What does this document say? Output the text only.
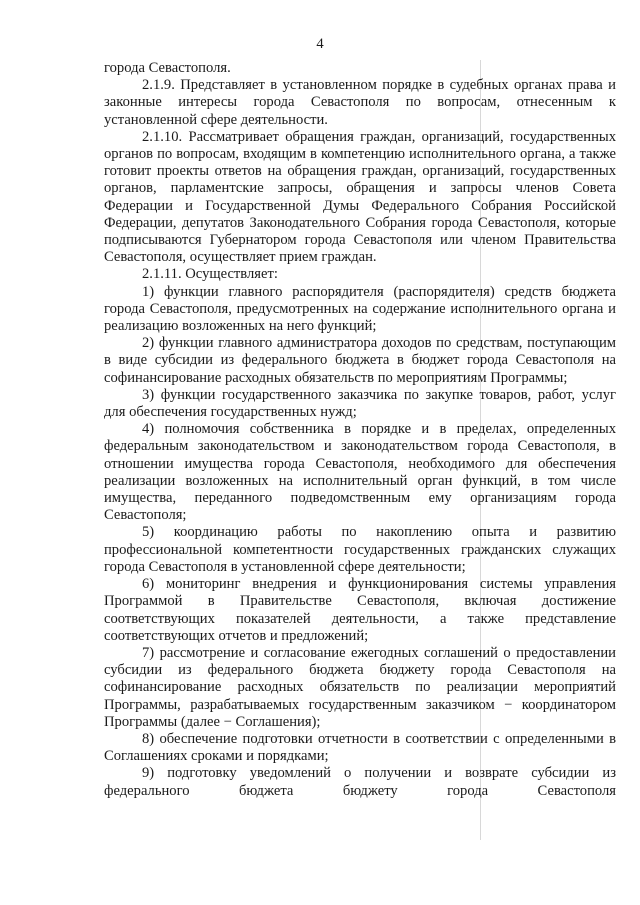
4

города Севастополя.

2.1.9. Представляет в установленном порядке в судебных органах права и законные интересы города Севастополя по вопросам, отнесенным к установленной сфере деятельности.

2.1.10. Рассматривает обращения граждан, организаций, государственных органов по вопросам, входящим в компетенцию исполнительного органа, а также готовит проекты ответов на обращения граждан, организаций, государственных органов, парламентские запросы, обращения и запросы членов Совета Федерации и Государственной Думы Федерального Собрания Российской Федерации, депутатов Законодательного Собрания города Севастополя, которые подписываются Губернатором города Севастополя или членом Правительства Севастополя, осуществляет прием граждан.

2.1.11. Осуществляет:

1) функции главного распорядителя (распорядителя) средств бюджета города Севастополя, предусмотренных на содержание исполнительного органа и реализацию возложенных на него функций;

2) функции главного администратора доходов по средствам, поступающим в виде субсидии из федерального бюджета в бюджет города Севастополя на софинансирование расходных обязательств по мероприятиям Программы;

3) функции государственного заказчика по закупке товаров, работ, услуг для обеспечения государственных нужд;

4) полномочия собственника в порядке и в пределах, определенных федеральным законодательством и законодательством города Севастополя, в отношении имущества города Севастополя, необходимого для обеспечения реализации возложенных на исполнительный орган функций, в том числе имущества, переданного подведомственным ему организациям города Севастополя;

5) координацию работы по накоплению опыта и развитию профессиональной компетентности государственных гражданских служащих города Севастополя в установленной сфере деятельности;

6) мониторинг внедрения и функционирования системы управления Программой в Правительстве Севастополя, включая достижение соответствующих показателей деятельности, а также представление соответствующих отчетов и предложений;

7) рассмотрение и согласование ежегодных соглашений о предоставлении субсидии из федерального бюджета бюджету города Севастополя на софинансирование расходных обязательств по реализации мероприятий Программы, разрабатываемых государственным заказчиком − координатором Программы (далее − Соглашения);

8) обеспечение подготовки отчетности в соответствии с определенными в Соглашениях сроками и порядками;

9) подготовку уведомлений о получении и возврате субсидии из федерального бюджета бюджету города Севастополя
